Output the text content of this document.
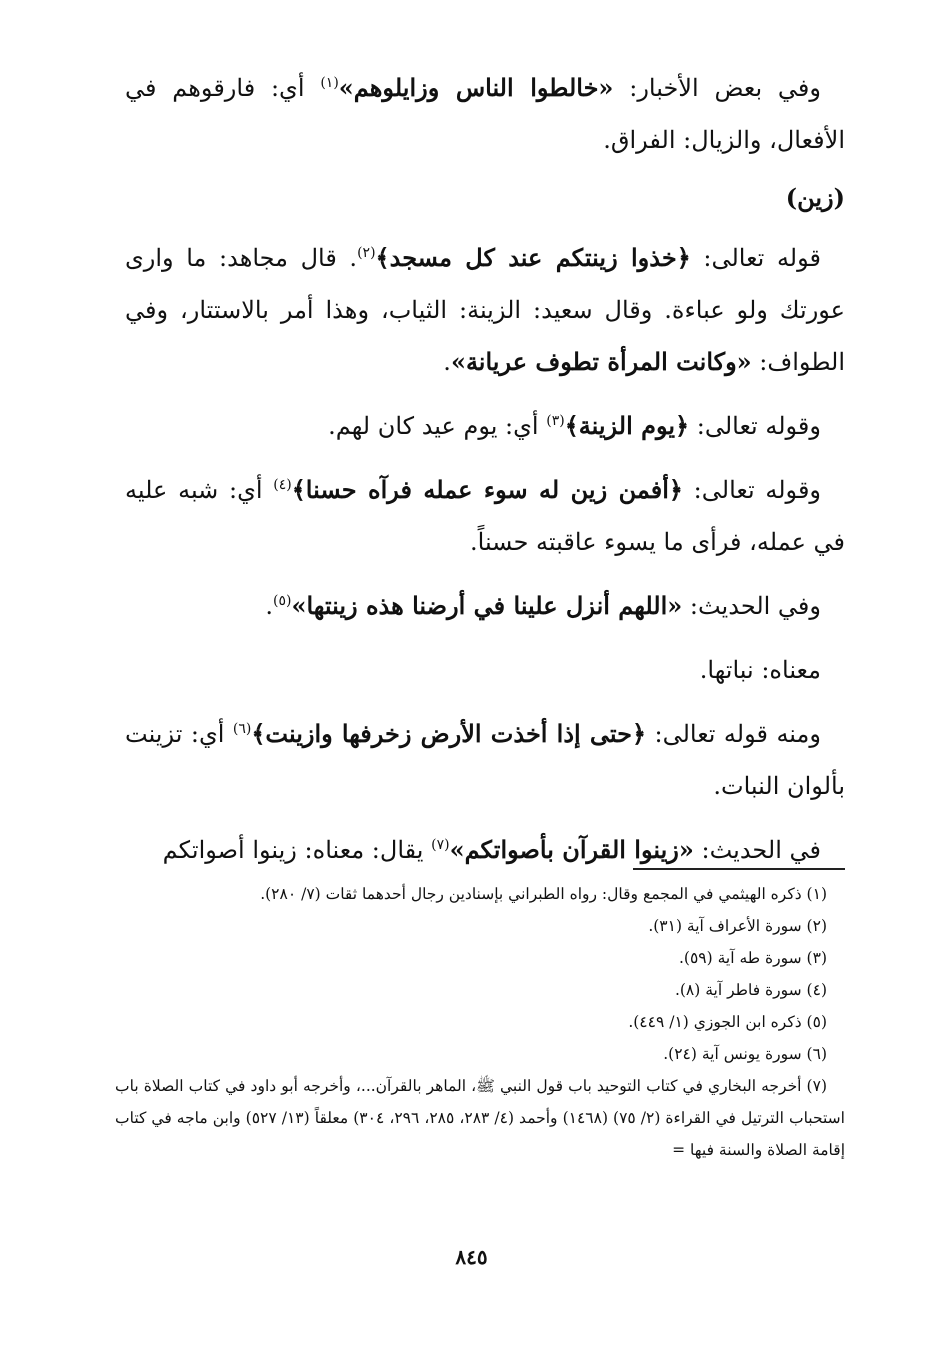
وفي بعض الأخبار: «خالطوا الناس وزايلوهم»$^{(١)}$ أي: فارقوهم في الأفعال، والزيال: الفراق.

(زين)

قوله تعالى: ﴿خذوا زينتكم عند كل مسجد﴾$^{(٢)}$. قال مجاهد: ما وارى عورتك ولو عباءة. وقال سعيد: الزينة: الثياب، وهذا أمر بالاستتار، وفي الطواف: «وكانت المرأة تطوف عريانة».

وقوله تعالى: ﴿يوم الزينة﴾$^{(٣)}$ أي: يوم عيد كان لهم.

وقوله تعالى: ﴿أفمن زين له سوء عمله فرآه حسنا﴾$^{(٤)}$ أي: شبه عليه في عمله، فرأى ما يسوء عاقبته حسناً.

وفي الحديث: «اللهم أنزل علينا في أرضنا هذه زينتها»$^{(٥)}$.

معناه: نباتها.

ومنه قوله تعالى: ﴿حتى إذا أخذت الأرض زخرفها وازينت﴾$^{(٦)}$ أي: تزينت بألوان النبات.

في الحديث: «زينوا القرآن بأصواتكم»$^{(٧)}$ يقال: معناه: زينوا أصواتكم

(١) ذكره الهيثمي في المجمع وقال: رواه الطبراني بإسنادين رجال أحدهما ثقات (٧/ ٢٨٠).

(٢) سورة الأعراف آية (٣١).

(٣) سورة طه آية (٥٩).

(٤) سورة فاطر آية (٨).

(٥) ذكره ابن الجوزي (١/ ٤٤٩).

(٦) سورة يونس آية (٢٤).

(٧) أخرجه البخاري في كتاب التوحيد باب قول النبي ﷺ، الماهر بالقرآن...، وأخرجه أبو داود في كتاب الصلاة باب استحباب الترتيل في القراءة (٢/ ٧٥) (١٤٦٨) وأحمد (٤/ ٢٨٣، ٢٨٥، ٢٩٦، ٣٠٤) معلقاً (١٣/ ٥٢٧) وابن ماجه في كتاب إقامة الصلاة والسنة فيها =

٨٤٥
